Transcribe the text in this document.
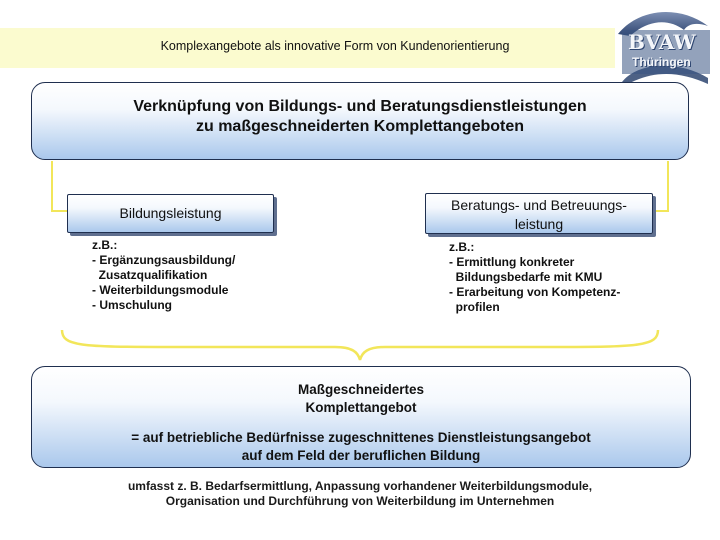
Komplexangebote als innovative Form von Kundenorientierung	BVAW
Thüringen
Verknüpfung von Bildungs- und Beratungsdienstleistungen
zu maßgeschneiderten Komplettangeboten
Bildungsleistung	Beratungs- und Betreuungs-
leistung
z.B.:
- Ergänzungsausbildung/
Zusatzqualifikation
- Weiterbildungsmodule
- Umschulung
z.B.:
- Ermittlung konkreter
Bildungsbedarfe mit KMU
- Erarbeitung von Kompetenz-
profilen
Maßgeschneidertes
Komplettangebot
= auf betriebliche Bedürfnisse zugeschnittenes Dienstleistungsangebot
auf dem Feld der beruflichen Bildung
umfasst z. B. Bedarfsermittlung, Anpassung vorhandener Weiterbildungsmodule,
Organisation und Durchführung von Weiterbildung im Unternehmen
